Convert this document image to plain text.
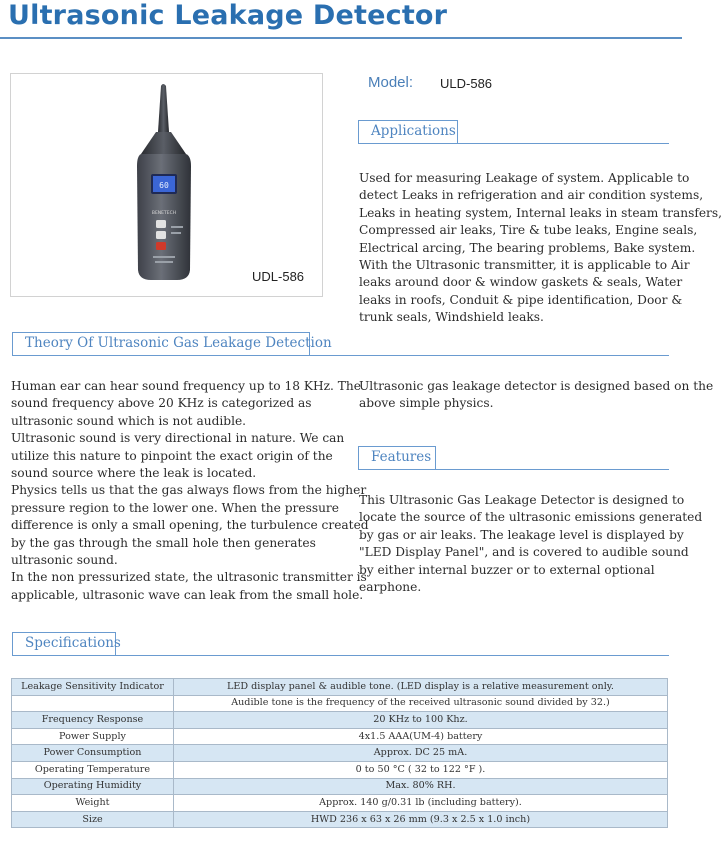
Ultrasonic Leakage Detector
60
BENETECH
UDL-586
Model: ULD-586
Applications
Used for measuring Leakage of system. Applicable to
detect Leaks in refrigeration and air condition systems,
Leaks in heating system, Internal leaks in steam transfers,
Compressed air leaks, Tire & tube leaks, Engine seals,
Electrical arcing, The bearing problems, Bake system.
With the Ultrasonic transmitter, it is applicable to Air
leaks around door & window gaskets & seals, Water
leaks in roofs, Conduit & pipe identification, Door &
trunk seals, Windshield leaks.
Theory Of Ultrasonic Gas Leakage Detection
Human ear can hear sound frequency up to 18 KHz. The
sound frequency above 20 KHz is categorized as
ultrasonic sound which is not audible.
Ultrasonic sound is very directional in nature. We can
utilize this nature to pinpoint the exact origin of the
sound source where the leak is located.
Physics tells us that the gas always flows from the higher
pressure region to the lower one. When the pressure
difference is only a small opening, the turbulence created
by the gas through the small hole then generates
ultrasonic sound.
In the non pressurized state, the ultrasonic transmitter is
applicable, ultrasonic wave can leak from the small hole.
Ultrasonic gas leakage detector is designed based on the
above simple physics.
Features
This Ultrasonic Gas Leakage Detector is designed to
locate the source of the ultrasonic emissions generated
by gas or air leaks. The leakage level is displayed by
"LED Display Panel", and is covered to audible sound
by either internal buzzer or to external optional
earphone.
Specifications
Leakage Sensitivity Indicator	LED display panel & audible tone. (LED display is a relative measurement only.
	Audible tone is the frequency of the received ultrasonic sound divided by 32.)
Frequency Response	20 KHz to 100 Khz.
Power Supply	4x1.5 AAA(UM-4) battery
Power Consumption	Approx. DC 25 mA.
Operating Temperature	0 to 50 °C ( 32 to 122 °F ).
Operating Humidity	Max. 80% RH.
Weight	Approx. 140 g/0.31 lb (including battery).
Size	HWD 236 x 63 x 26 mm (9.3 x 2.5 x 1.0 inch)
